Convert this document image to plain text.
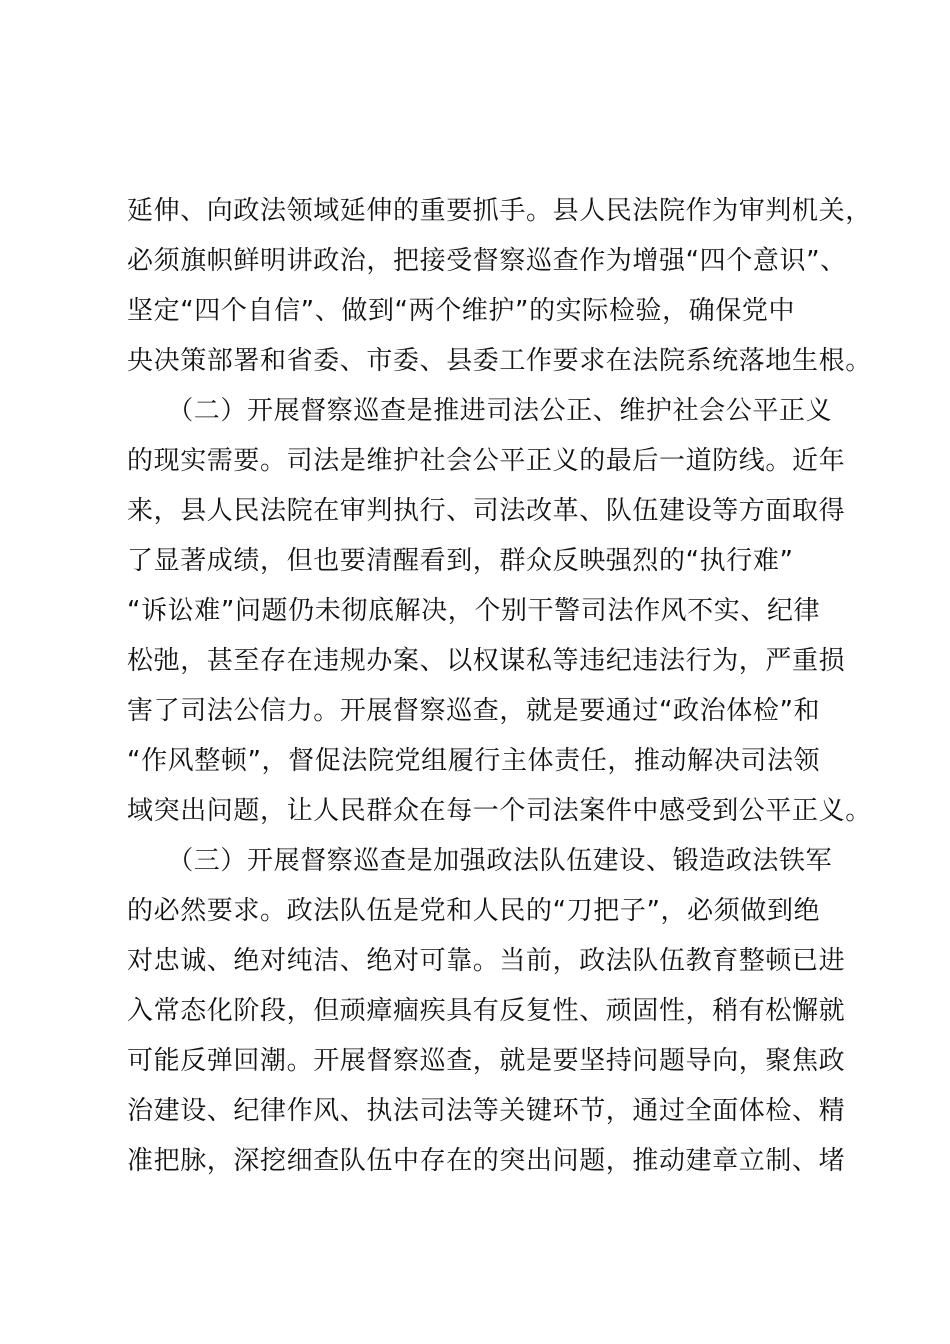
延伸、向政法领域延伸的重要抓手。县人民法院作为审判机关，
必须旗帜鲜明讲政治，把接受督察巡查作为增强“四个意识”、
坚定“四个自信”、做到“两个维护”的实际检验，确保党中
央决策部署和省委、市委、县委工作要求在法院系统落地生根。
　　（二）开展督察巡查是推进司法公正、维护社会公平正义
的现实需要。司法是维护社会公平正义的最后一道防线。近年
来，县人民法院在审判执行、司法改革、队伍建设等方面取得
了显著成绩，但也要清醒看到，群众反映强烈的“执行难”
“诉讼难”问题仍未彻底解决，个别干警司法作风不实、纪律
松弛，甚至存在违规办案、以权谋私等违纪违法行为，严重损
害了司法公信力。开展督察巡查，就是要通过“政治体检”和
“作风整顿”，督促法院党组履行主体责任，推动解决司法领
域突出问题，让人民群众在每一个司法案件中感受到公平正义。
　　（三）开展督察巡查是加强政法队伍建设、锻造政法铁军
的必然要求。政法队伍是党和人民的“刀把子”，必须做到绝
对忠诚、绝对纯洁、绝对可靠。当前，政法队伍教育整顿已进
入常态化阶段，但顽瘴痼疾具有反复性、顽固性，稍有松懈就
可能反弹回潮。开展督察巡查，就是要坚持问题导向，聚焦政
治建设、纪律作风、执法司法等关键环节，通过全面体检、精
准把脉，深挖细查队伍中存在的突出问题，推动建章立制、堵
